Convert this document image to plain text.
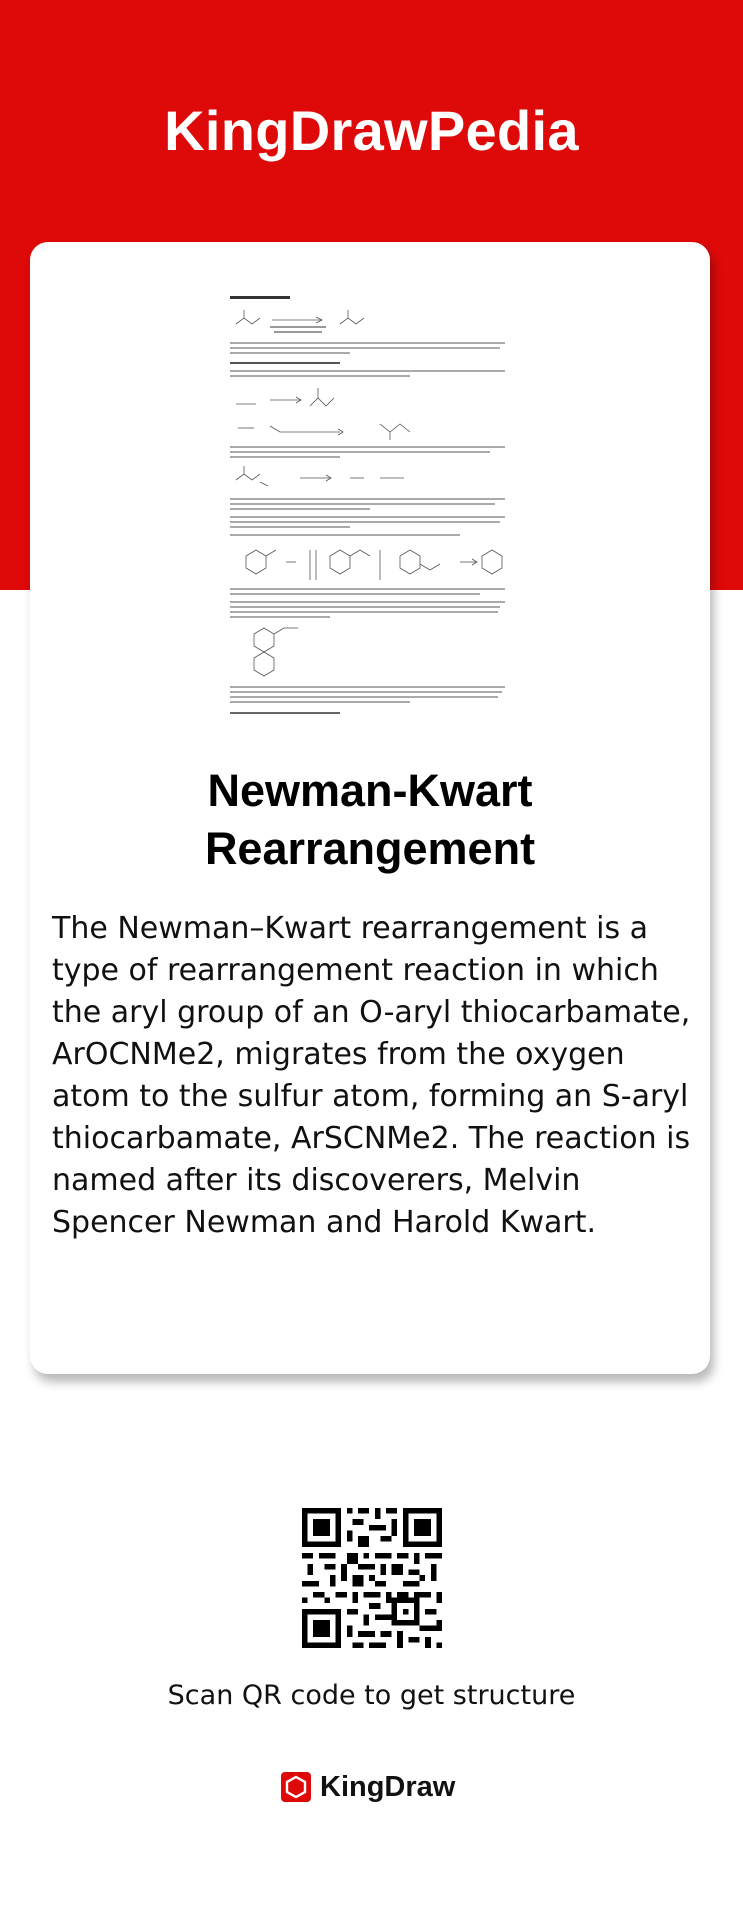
KingDrawPedia
Newman-Kwart Rearrangement

The Newman–Kwart rearrangement is a type of rearrangement reaction in which the aryl group of an O-aryl thiocarbamate, ArOCNMe2, migrates from the oxygen atom to the sulfur atom, forming an S-aryl thiocarbamate, ArSCNMe2. The reaction is named after its discoverers, Melvin Spencer Newman and Harold Kwart.

Scan QR code to get structure
KingDraw
